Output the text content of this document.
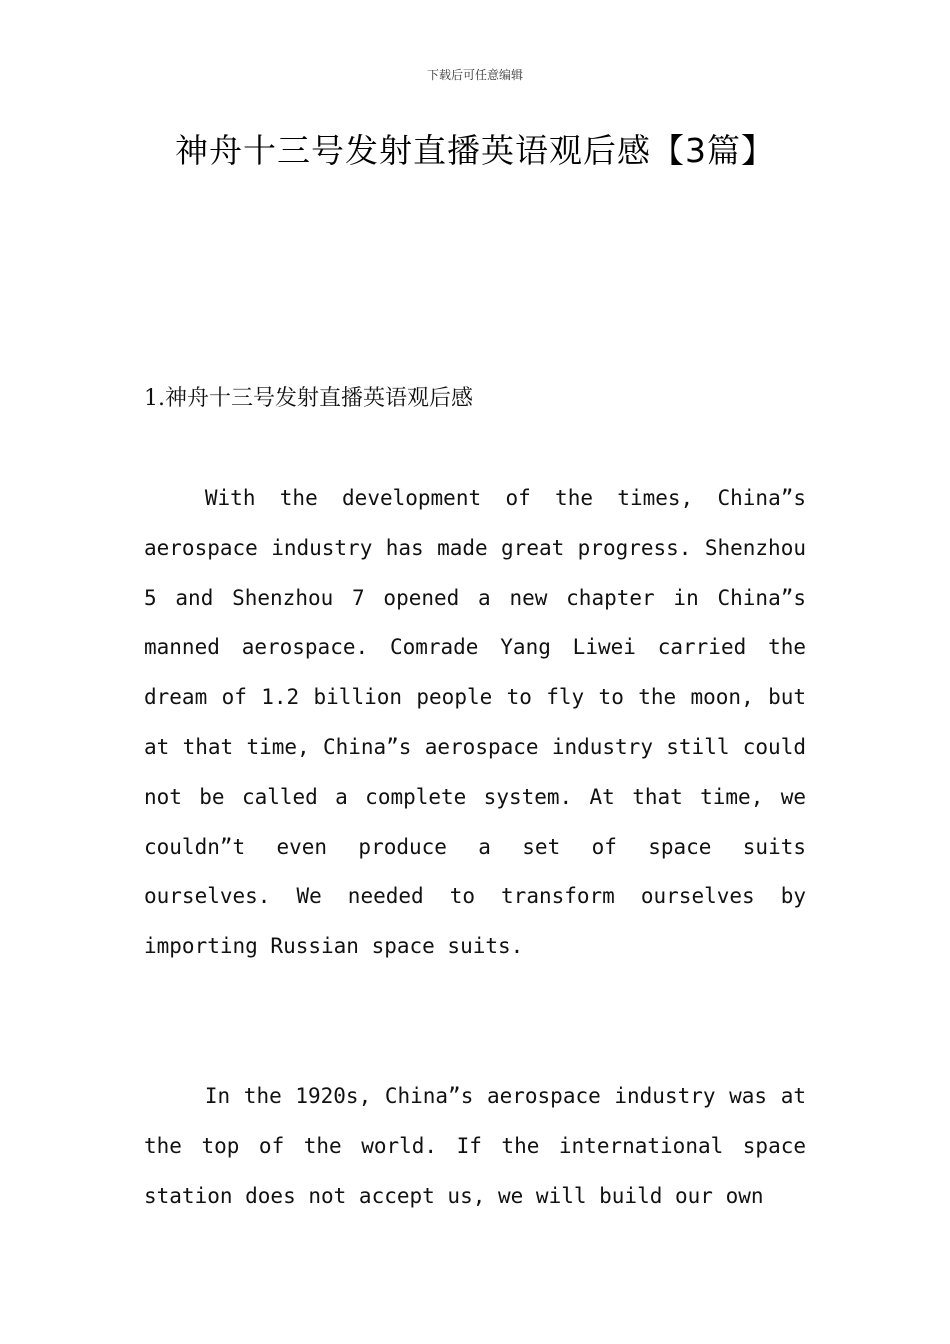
下载后可任意编辑
神舟十三号发射直播英语观后感【3篇】
1.神舟十三号发射直播英语观后感

With the development of the times, China”s aerospace industry has made great progress. Shenzhou 5 and Shenzhou 7 opened a new chapter in China”s manned aerospace. Comrade Yang Liwei carried the dream of 1.2 billion people to fly to the moon, but at that time, China”s aerospace industry still could not be called a complete system. At that time, we couldn”t even produce a set of space suits ourselves. We needed to transform ourselves by importing Russian space suits.

In the 1920s, China”s aerospace industry was at the top of the world. If the international space station does not accept us, we will build our own
